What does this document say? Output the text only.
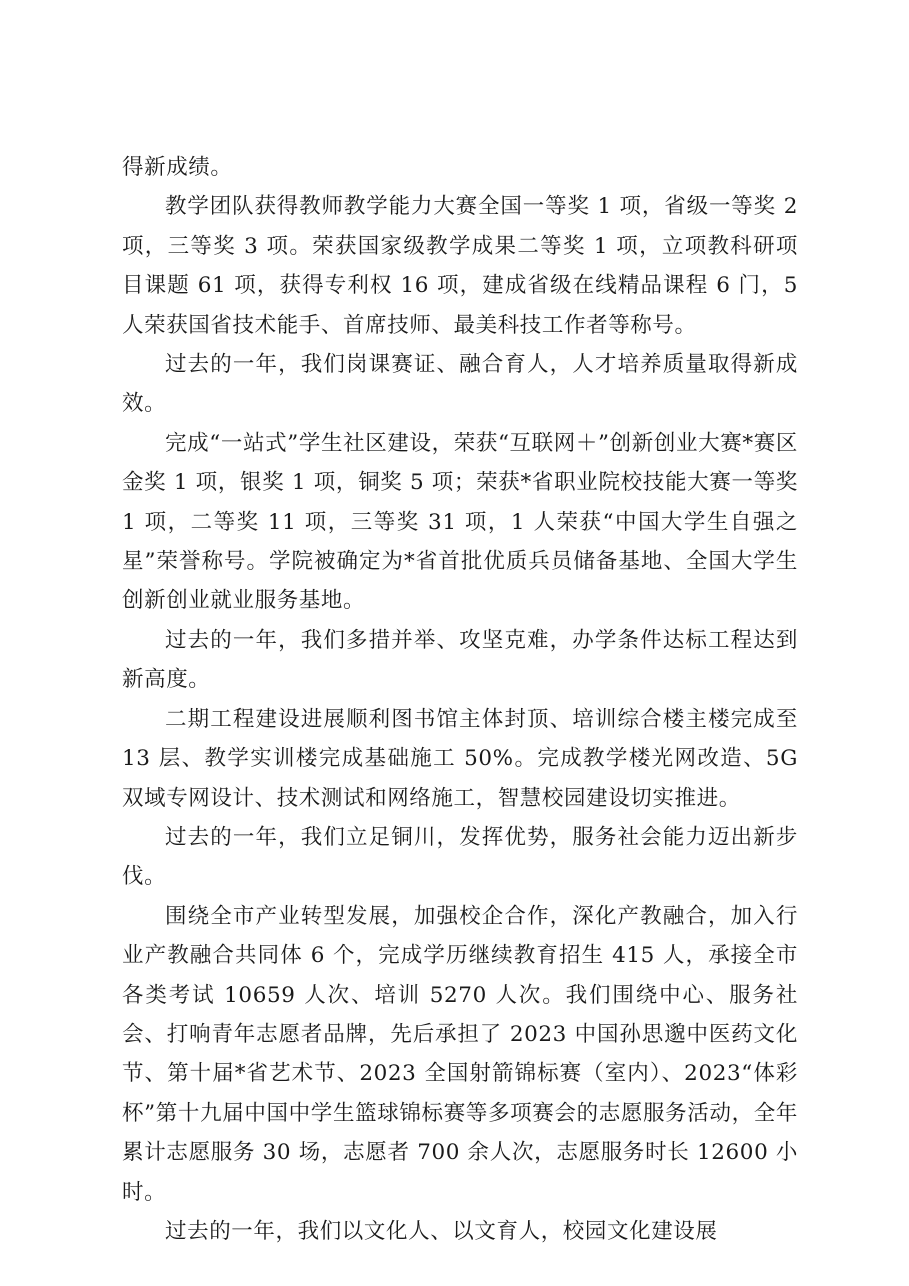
得新成绩。

教学团队获得教师教学能力大赛全国一等奖 1 项，省级一等奖 2 项，三等奖 3 项。荣获国家级教学成果二等奖 1 项，立项教科研项目课题 61 项，获得专利权 16 项，建成省级在线精品课程 6 门，5 人荣获国省技术能手、首席技师、最美科技工作者等称号。

过去的一年，我们岗课赛证、融合育人，人才培养质量取得新成效。

完成“一站式”学生社区建设，荣获“互联网＋”创新创业大赛*赛区金奖 1 项，银奖 1 项，铜奖 5 项；荣获*省职业院校技能大赛一等奖 1 项，二等奖 11 项，三等奖 31 项，1 人荣获“中国大学生自强之星”荣誉称号。学院被确定为*省首批优质兵员储备基地、全国大学生创新创业就业服务基地。

过去的一年，我们多措并举、攻坚克难，办学条件达标工程达到新高度。

二期工程建设进展顺利图书馆主体封顶、培训综合楼主楼完成至 13 层、教学实训楼完成基础施工 50%。完成教学楼光网改造、5G 双域专网设计、技术测试和网络施工，智慧校园建设切实推进。

过去的一年，我们立足铜川，发挥优势，服务社会能力迈出新步伐。

围绕全市产业转型发展，加强校企合作，深化产教融合，加入行业产教融合共同体 6 个，完成学历继续教育招生 415 人，承接全市各类考试 10659 人次、培训 5270 人次。我们围绕中心、服务社会、打响青年志愿者品牌，先后承担了 2023 中国孙思邈中医药文化节、第十届*省艺术节、2023 全国射箭锦标赛（室内）、2023“体彩杯”第十九届中国中学生篮球锦标赛等多项赛会的志愿服务活动，全年累计志愿服务 30 场，志愿者 700 余人次，志愿服务时长 12600 小时。

过去的一年，我们以文化人、以文育人，校园文化建设展
